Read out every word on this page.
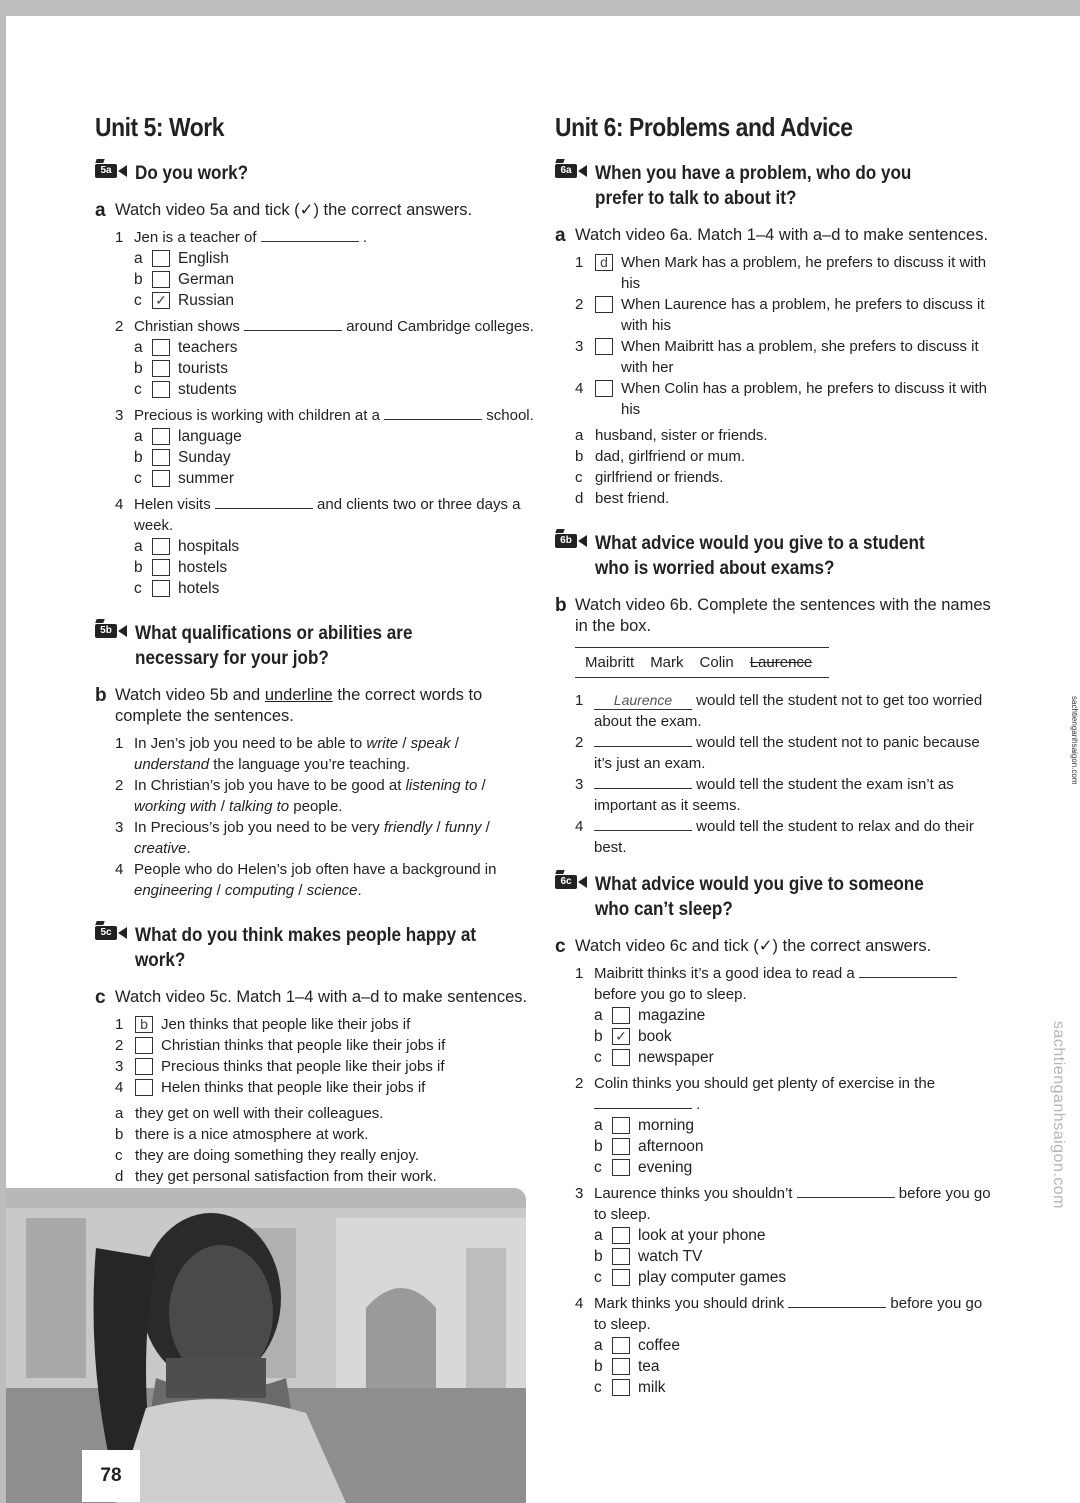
Unit 5: Work
5a Do you work?
a Watch video 5a and tick (✓) the correct answers.
1 Jen is a teacher of	.
a	English
b	German
c ✓ Russian
2 Christian shows	around Cambridge colleges.
a	teachers
b	tourists
c	students
3 Precious is working with children at a	school.
a	language
b	Sunday
c	summer
4 Helen visits	and clients two or three days a week.
a	hospitals
b	hostels
c	hotels
5b What qualifications or abilities are necessary for your job?
b Watch video 5b and underline the correct words to complete the sentences.
1 In Jen’s job you need to be able to write / speak / understand the language you’re teaching.
2 In Christian’s job you have to be good at listening to / working with / talking to people.
3 In Precious’s job you need to be very friendly / funny / creative.
4 People who do Helen’s job often have a background in engineering / computing / science.
5c What do you think makes people happy at work?
c Watch video 5c. Match 1–4 with a–d to make sentences.
1	b Jen thinks that people like their jobs if
2	Christian thinks that people like their jobs if
3	Precious thinks that people like their jobs if
4	Helen thinks that people like their jobs if
a they get on well with their colleagues.
b there is a nice atmosphere at work.
c they are doing something they really enjoy.
d they get personal satisfaction from their work.
Unit 6: Problems and Advice
6a When you have a problem, who do you prefer to talk to about it?
a Watch video 6a. Match 1–4 with a–d to make sentences.
1	d When Mark has a problem, he prefers to discuss it with his
2	When Laurence has a problem, he prefers to discuss it with his
3	When Maibritt has a problem, she prefers to discuss it with her
4	When Colin has a problem, he prefers to discuss it with his
a husband, sister or friends.
b dad, girlfriend or mum.
c girlfriend or friends.
d best friend.
6b What advice would you give to a student who is worried about exams?
b Watch video 6b. Complete the sentences with the names in the box.
Maibritt Mark Colin Laurence
1	Laurence would tell the student not to get too worried about the exam.
2	would tell the student not to panic because it’s just an exam.
3	would tell the student the exam isn’t as important as it seems.
4	would tell the student to relax and do their best.
6c What advice would you give to someone who can’t sleep?
c Watch video 6c and tick (✓) the correct answers.
1 Maibritt thinks it’s a good idea to read a  before you go to sleep.
a	magazine
b ✓ book
c	newspaper
2 Colin thinks you should get plenty of exercise in the  .
a	morning
b	afternoon
c	evening
3 Laurence thinks you shouldn’t	before you go to sleep.
a	look at your phone
b	watch TV
c	play computer games
4 Mark thinks you should drink	before you go to sleep.
a	coffee
b	tea
c	milk
78
sachtienganhsaigon.com
sachtienganhsaigon.com
